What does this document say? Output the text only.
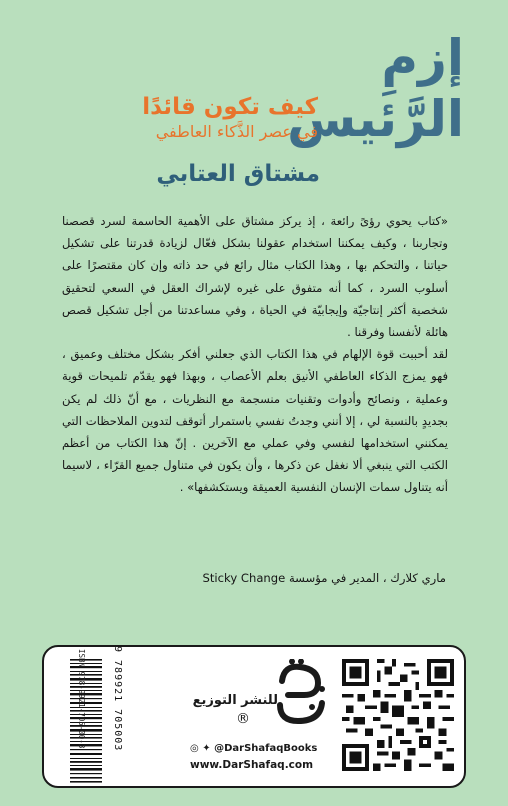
إزمِ
الرَّئيس
كيف تكون قائدًا
في عصر الذَّكاء العاطفي
مشتاق العتابي

«كتاب يحوي رؤىً رائعة ، إذ يركز مشتاق على الأهمية الحاسمة لسرد قصصنا وتجاربنا ، وكيف يمكننا استخدام عقولنا بشكل فعّال لزيادة قدرتنا على تشكيل حياتنا ، والتحكم بها ، وهذا الكتاب مثال رائع في حد ذاته وإن كان مقتصرًا على أسلوب السرد ، كما أنه متفوق على غيره لإشراك العقل في السعي لتحقيق شخصية أكثر إنتاجيّة وإيجابيّة في الحياة ، وفي مساعدتنا من أجل تشكيل قصص هائلة لأنفسنا وفرقنا .

لقد أحببت قوة الإلهام في هذا الكتاب الذي جعلني أفكر بشكل مختلف وعميق ، فهو يمزج الذكاء العاطفي الأنيق بعلم الأعصاب ، وبهذا فهو يقدّم تلميحات قوية وعملية ، ونصائح وأدوات وتقنيات منسجمة مع النظريات ، مع أنّ ذلك لم يكن بجديدٍ بالنسبة لي ، إلا أنني وجدتُ نفسي باستمرار أتوقف لتدوين الملاحظات التي يمكنني استخدامها لنفسي وفي عملي مع الآخرين . إنّ هذا الكتاب من أعظم الكتب التي ينبغي ألا نغفل عن ذكرها ، وأن يكون في متناول جميع القرّاء ، لاسيما أنه يتناول سمات الإنسان النفسية العميقة ويستكشفها» .

ماري كلارك ، المدير في مؤسسة Sticky Change
ISBN 978-9921-705-00-3	9 789921 705003	للنشر التوزيع
®
◎ ✦ @DarShafaqBooks
www.DarShafaq.com
